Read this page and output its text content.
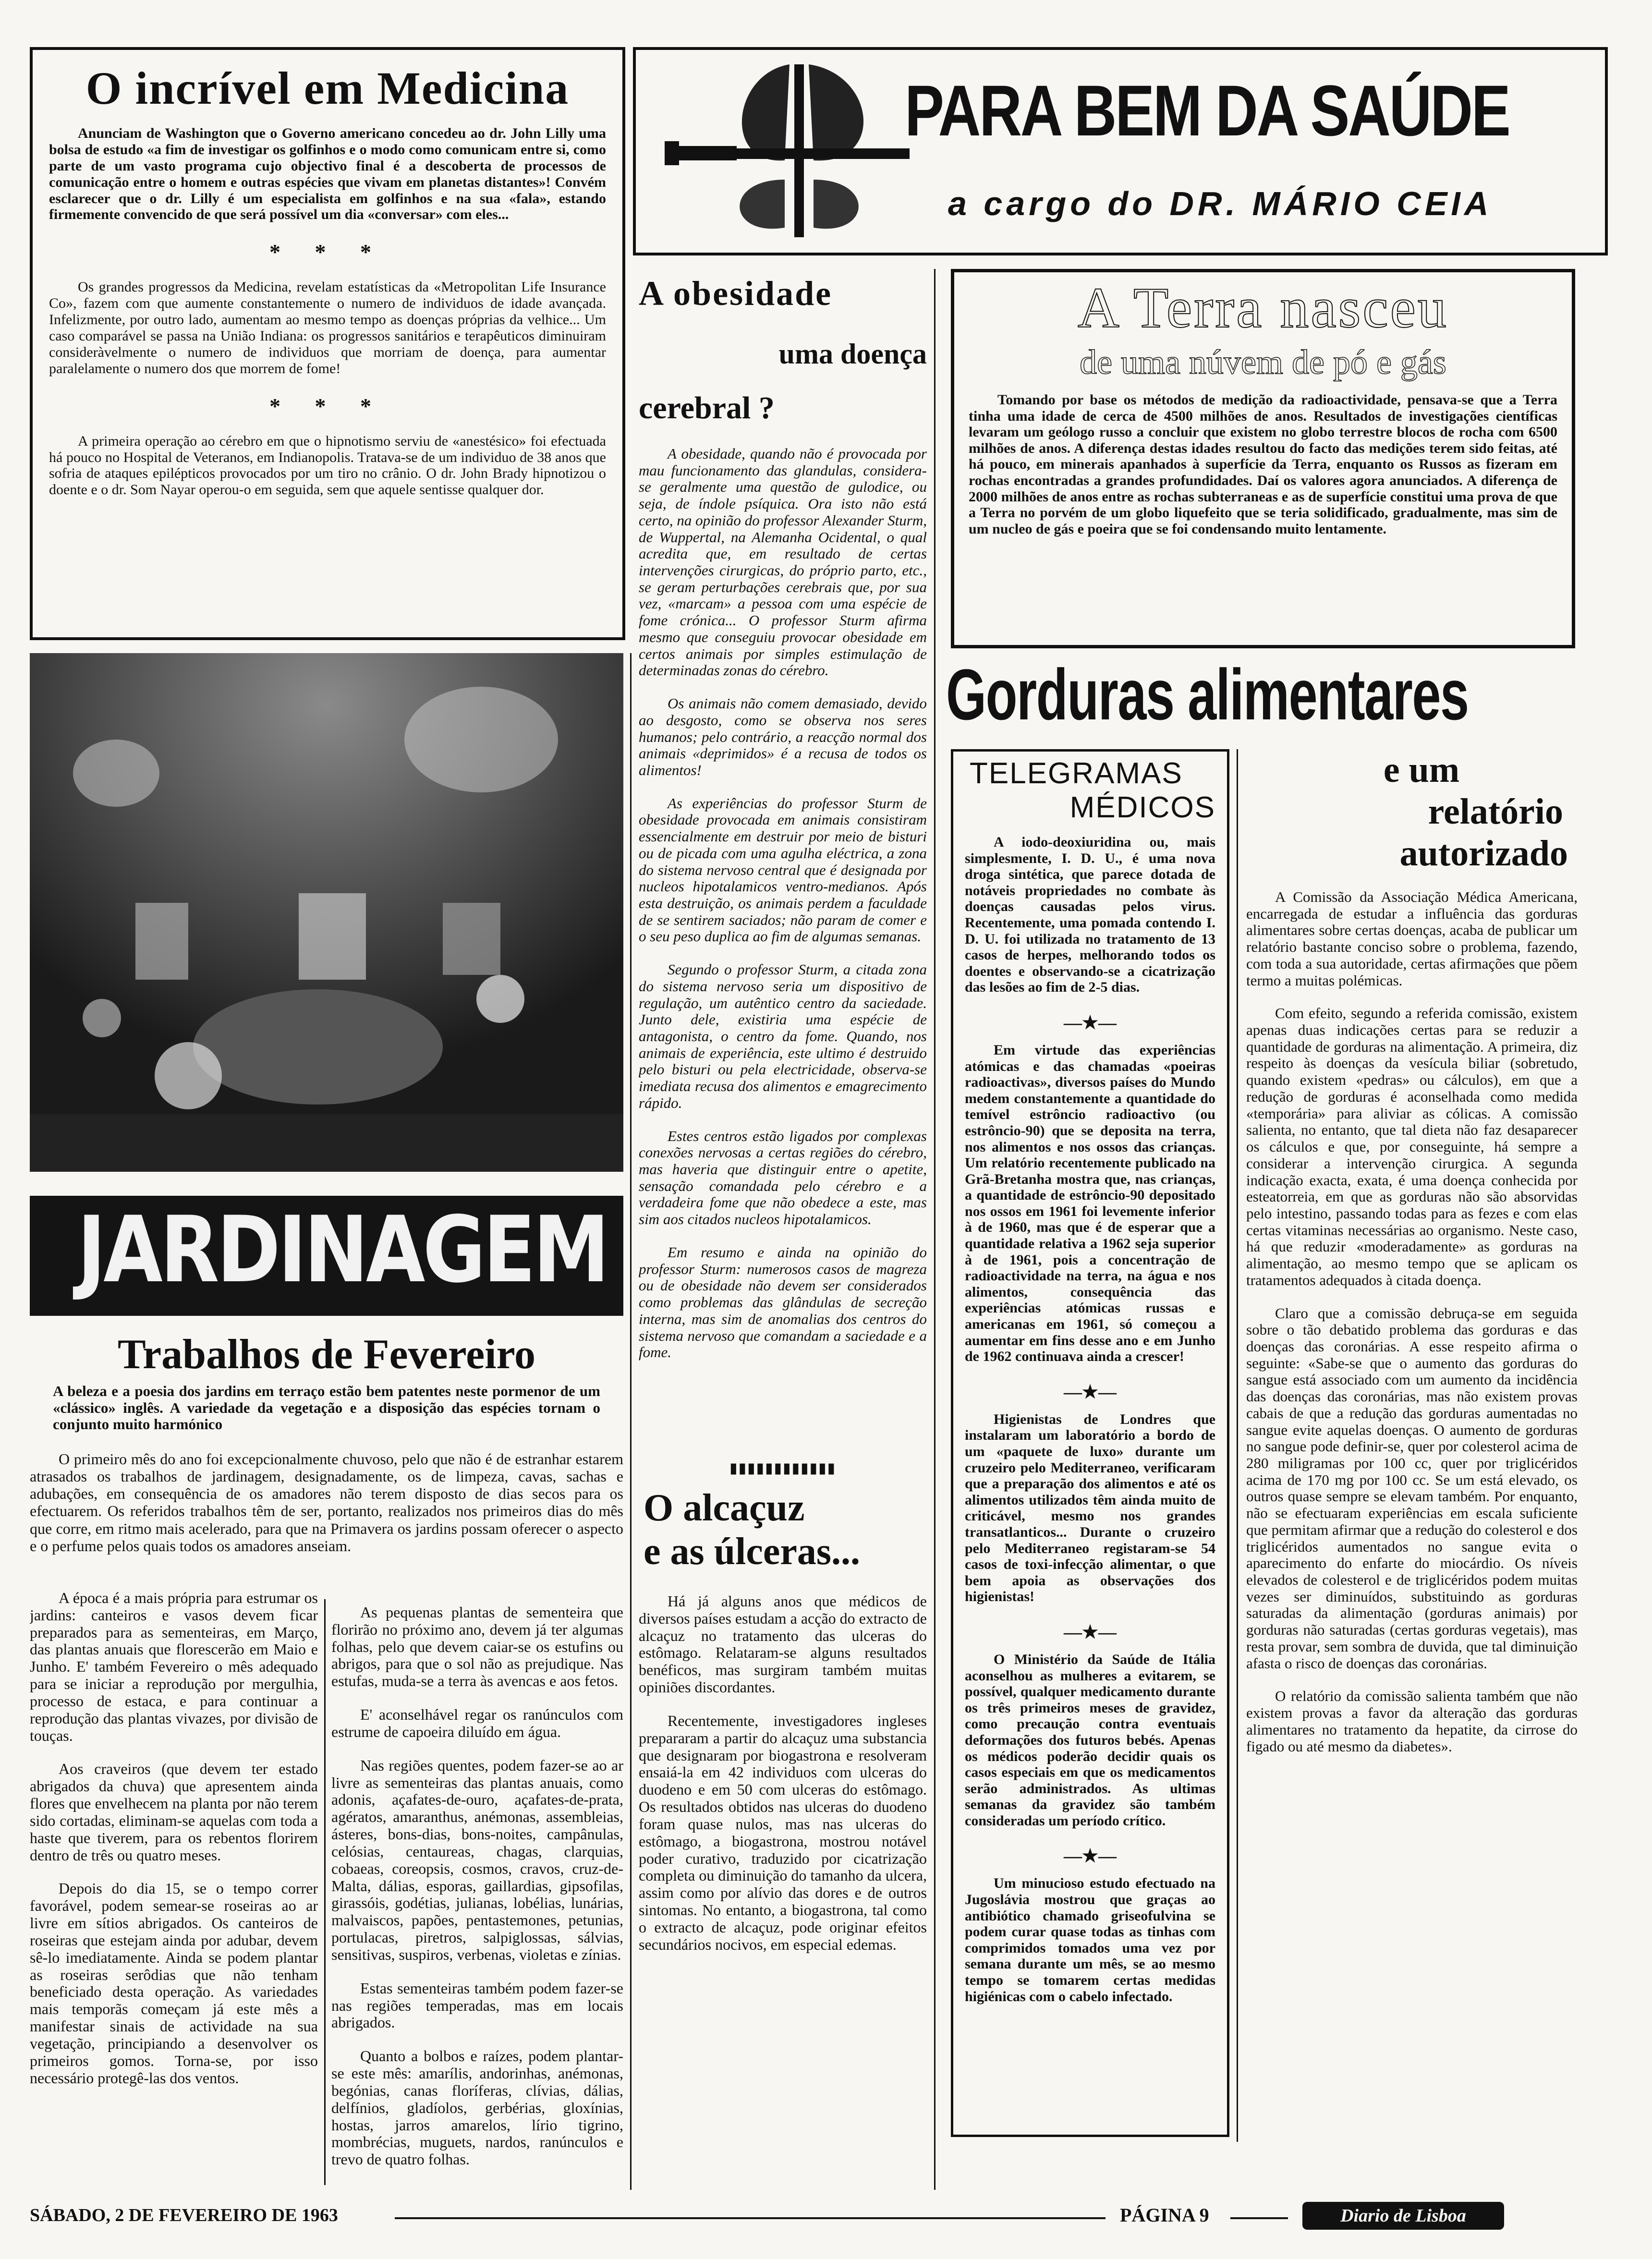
O incrível em Medicina

Anunciam de Washington que o Governo americano concedeu ao dr. John Lilly uma bolsa de estudo «a fim de investigar os golfinhos e o modo como comunicam entre si, como parte de um vasto programa cujo objectivo final é a descoberta de processos de comunicação entre o homem e outras espécies que vivam em planetas distantes»! Convém esclarecer que o dr. Lilly é um especialista em golfinhos e na sua «fala», estando firmemente convencido de que será possível um dia «conversar» com eles...

* * *

Os grandes progressos da Medicina, revelam estatísticas da «Metropolitan Life Insurance Co», fazem com que aumente constantemente o numero de individuos de idade avançada. Infelizmente, por outro lado, aumentam ao mesmo tempo as doenças próprias da velhice... Um caso comparável se passa na União Indiana: os progressos sanitários e terapêuticos diminuiram consideràvelmente o numero de individuos que morriam de doença, para aumentar paralelamente o numero dos que morrem de fome!

* * *

A primeira operação ao cérebro em que o hipnotismo serviu de «anestésico» foi efectuada há pouco no Hospital de Veteranos, em Indianopolis. Tratava-se de um individuo de 38 anos que sofria de ataques epilépticos provocados por um tiro no crânio. O dr. John Brady hipnotizou o doente e o dr. Som Nayar operou-o em seguida, sem que aquele sentisse qualquer dor.

PARA BEM DA SAÚDE
a cargo do DR. MÁRIO CEIA
JARDINAGEM
Trabalhos de Fevereiro
A beleza e a poesia dos jardins em terraço estão bem patentes neste pormenor de um «clássico» inglês. A variedade da vegetação e a disposição das espécies tornam o conjunto muito harmónico
O primeiro mês do ano foi excepcionalmente chuvoso, pelo que não é de estranhar estarem atrasados os trabalhos de jardinagem, designadamente, os de limpeza, cavas, sachas e adubações, em consequência de os amadores não terem disposto de dias secos para os efectuarem. Os referidos trabalhos têm de ser, portanto, realizados nos primeiros dias do mês que corre, em ritmo mais acelerado, para que na Primavera os jardins possam oferecer o aspecto e o perfume pelos quais todos os amadores anseiam.

A época é a mais própria para estrumar os jardins: canteiros e vasos devem ficar preparados para as sementeiras, em Março, das plantas anuais que florescerão em Maio e Junho. E' também Fevereiro o mês adequado para se iniciar a reprodução por mergulhia, processo de estaca, e para continuar a reprodução das plantas vivazes, por divisão de touças.

Aos craveiros (que devem ter estado abrigados da chuva) que apresentem ainda flores que envelhecem na planta por não terem sido cortadas, eliminam-se aquelas com toda a haste que tiverem, para os rebentos florirem dentro de três ou quatro meses.

Depois do dia 15, se o tempo correr favorável, podem semear-se roseiras ao ar livre em sítios abrigados. Os canteiros de roseiras que estejam ainda por adubar, devem sê-lo imediatamente. Ainda se podem plantar as roseiras serôdias que não tenham beneficiado desta operação. As variedades mais temporãs começam já este mês a manifestar sinais de actividade na sua vegetação, principiando a desenvolver os primeiros gomos. Torna-se, por isso necessário protegê-las dos ventos.

As pequenas plantas de sementeira que florirão no próximo ano, devem já ter algumas folhas, pelo que devem caiar-se os estufins ou abrigos, para que o sol não as prejudique. Nas estufas, muda-se a terra às avencas e aos fetos.

E' aconselhável regar os ranúnculos com estrume de capoeira diluído em água.

Nas regiões quentes, podem fazer-se ao ar livre as sementeiras das plantas anuais, como adonis, açafates-de-ouro, açafates-de-prata, agératos, amaranthus, anémonas, assembleias, ásteres, bons-dias, bons-noites, campânulas, celósias, centaureas, chagas, clarquias, cobaeas, coreopsis, cosmos, cravos, cruz-de-Malta, dálias, esporas, gaillardias, gipsofilas, girassóis, godétias, julianas, lobélias, lunárias, malvaiscos, papões, pentastemones, petunias, portulacas, piretros, salpiglossas, sálvias, sensitivas, suspiros, verbenas, violetas e zínias.

Estas sementeiras também podem fazer-se nas regiões temperadas, mas em locais abrigados.

Quanto a bolbos e raízes, podem plantar-se este mês: amarílis, andorinhas, anémonas, begónias, canas floríferas, clívias, dálias, delfínios, gladíolos, gerbérias, gloxínias, hostas, jarros amarelos, lírio tigrino, mombrécias, muguets, nardos, ranúnculos e trevo de quatro folhas.

A obesidade
uma doença
cerebral ?

A obesidade, quando não é provocada por mau funcionamento das glandulas, considera-se geralmente uma questão de gulodice, ou seja, de índole psíquica. Ora isto não está certo, na opinião do professor Alexander Sturm, de Wuppertal, na Alemanha Ocidental, o qual acredita que, em resultado de certas intervenções cirurgicas, do próprio parto, etc., se geram perturbações cerebrais que, por sua vez, «marcam» a pessoa com uma espécie de fome crónica... O professor Sturm afirma mesmo que conseguiu provocar obesidade em certos animais por simples estimulação de determinadas zonas do cérebro.

Os animais não comem demasiado, devido ao desgosto, como se observa nos seres humanos; pelo contrário, a reacção normal dos animais «deprimidos» é a recusa de todos os alimentos!

As experiências do professor Sturm de obesidade provocada em animais consistiram essencialmente em destruir por meio de bisturi ou de picada com uma agulha eléctrica, a zona do sistema nervoso central que é designada por nucleos hipotalamicos ventro-medianos. Após esta destruição, os animais perdem a faculdade de se sentirem saciados; não param de comer e o seu peso duplica ao fim de algumas semanas.

Segundo o professor Sturm, a citada zona do sistema nervoso seria um dispositivo de regulação, um autêntico centro da saciedade. Junto dele, existiria uma espécie de antagonista, o centro da fome. Quando, nos animais de experiência, este ultimo é destruido pelo bisturi ou pela electricidade, observa-se imediata recusa dos alimentos e emagrecimento rápido.

Estes centros estão ligados por complexas conexões nervosas a certas regiões do cérebro, mas haveria que distinguir entre o apetite, sensação comandada pelo cérebro e a verdadeira fome que não obedece a este, mas sim aos citados nucleos hipotalamicos.

Em resumo e ainda na opinião do professor Sturm: numerosos casos de magreza ou de obesidade não devem ser considerados como problemas das glândulas de secreção interna, mas sim de anomalias dos centros do sistema nervoso que comandam a saciedade e a fome.

▮▮▮▮▮▮▮▮▮▮▮▮
O alcaçuz
e as úlceras...

Há já alguns anos que médicos de diversos países estudam a acção do extracto de alcaçuz no tratamento das ulceras do estômago. Relataram-se alguns resultados benéficos, mas surgiram também muitas opiniões discordantes.

Recentemente, investigadores ingleses prepararam a partir do alcaçuz uma substancia que designaram por biogastrona e resolveram ensaiá-la em 42 individuos com ulceras do duodeno e em 50 com ulceras do estômago. Os resultados obtidos nas ulceras do duodeno foram quase nulos, mas nas ulceras do estômago, a biogastrona, mostrou notável poder curativo, traduzido por cicatrização completa ou diminuição do tamanho da ulcera, assim como por alívio das dores e de outros sintomas. No entanto, a biogastrona, tal como o extracto de alcaçuz, pode originar efeitos secundários nocivos, em especial edemas.

A Terra nasceu
de uma núvem de pó e gás

Tomando por base os métodos de medição da radioactividade, pensava-se que a Terra tinha uma idade de cerca de 4500 milhões de anos. Resultados de investigações científicas levaram um geólogo russo a concluir que existem no globo terrestre blocos de rocha com 6500 milhões de anos. A diferença destas idades resultou do facto das medições terem sido feitas, até há pouco, em minerais apanhados à superfície da Terra, enquanto os Russos as fizeram em rochas encontradas a grandes profundidades. Daí os valores agora anunciados. A diferença de 2000 milhões de anos entre as rochas subterraneas e as de superfície constitui uma prova de que a Terra no porvém de um globo liquefeito que se teria solidificado, gradualmente, mas sim de um nucleo de gás e poeira que se foi condensando muito lentamente.

Gorduras alimentares
TELEGRAMAS
MÉDICOS

A iodo-deoxiuridina ou, mais simplesmente, I. D. U., é uma nova droga sintética, que parece dotada de notáveis propriedades no combate às doenças causadas pelos virus. Recentemente, uma pomada contendo I. D. U. foi utilizada no tratamento de 13 casos de herpes, melhorando todos os doentes e observando-se a cicatrização das lesões ao fim de 2-5 dias.

—★—

Em virtude das experiências atómicas e das chamadas «poeiras radioactivas», diversos países do Mundo medem constantemente a quantidade do temível estrôncio radioactivo (ou estrôncio-90) que se deposita na terra, nos alimentos e nos ossos das crianças. Um relatório recentemente publicado na Grã-Bretanha mostra que, nas crianças, a quantidade de estrôncio-90 depositado nos ossos em 1961 foi levemente inferior à de 1960, mas que é de esperar que a quantidade relativa a 1962 seja superior à de 1961, pois a concentração de radioactividade na terra, na água e nos alimentos, consequência das experiências atómicas russas e americanas em 1961, só começou a aumentar em fins desse ano e em Junho de 1962 continuava ainda a crescer!

—★—

Higienistas de Londres que instalaram um laboratório a bordo de um «paquete de luxo» durante um cruzeiro pelo Mediterraneo, verificaram que a preparação dos alimentos e até os alimentos utilizados têm ainda muito de criticável, mesmo nos grandes transatlanticos... Durante o cruzeiro pelo Mediterraneo registaram-se 54 casos de toxi-infecção alimentar, o que bem apoia as observações dos higienistas!

—★—

O Ministério da Saúde de Itália aconselhou as mulheres a evitarem, se possível, qualquer medicamento durante os três primeiros meses de gravidez, como precaução contra eventuais deformações dos futuros bebés. Apenas os médicos poderão decidir quais os casos especiais em que os medicamentos serão administrados. As ultimas semanas da gravidez são também consideradas um período crítico.

—★—

Um minucioso estudo efectuado na Jugoslávia mostrou que graças ao antibiótico chamado griseofulvina se podem curar quase todas as tinhas com comprimidos tomados uma vez por semana durante um mês, se ao mesmo tempo se tomarem certas medidas higiénicas com o cabelo infectado.

e um
relatório
autorizado

A Comissão da Associação Médica Americana, encarregada de estudar a influência das gorduras alimentares sobre certas doenças, acaba de publicar um relatório bastante conciso sobre o problema, fazendo, com toda a sua autoridade, certas afirmações que põem termo a muitas polémicas.

Com efeito, segundo a referida comissão, existem apenas duas indicações certas para se reduzir a quantidade de gorduras na alimentação. A primeira, diz respeito às doenças da vesícula biliar (sobretudo, quando existem «pedras» ou cálculos), em que a redução de gorduras é aconselhada como medida «temporária» para aliviar as cólicas. A comissão salienta, no entanto, que tal dieta não faz desaparecer os cálculos e que, por conseguinte, há sempre a considerar a intervenção cirurgica. A segunda indicação exacta, exata, é uma doença conhecida por esteatorreia, em que as gorduras não são absorvidas pelo intestino, passando todas para as fezes e com elas certas vitaminas necessárias ao organismo. Neste caso, há que reduzir «moderadamente» as gorduras na alimentação, ao mesmo tempo que se aplicam os tratamentos adequados à citada doença.

Claro que a comissão debruça-se em seguida sobre o tão debatido problema das gorduras e das doenças das coronárias. A esse respeito afirma o seguinte: «Sabe-se que o aumento das gorduras do sangue está associado com um aumento da incidência das doenças das coronárias, mas não existem provas cabais de que a redução das gorduras aumentadas no sangue evite aquelas doenças. O aumento de gorduras no sangue pode definir-se, quer por colesterol acima de 280 miligramas por 100 cc, quer por triglicéridos acima de 170 mg por 100 cc. Se um está elevado, os outros quase sempre se elevam também. Por enquanto, não se efectuaram experiências em escala suficiente que permitam afirmar que a redução do colesterol e dos triglicéridos aumentados no sangue evita o aparecimento do enfarte do miocárdio. Os níveis elevados de colesterol e de triglicéridos podem muitas vezes ser diminuídos, substituindo as gorduras saturadas da alimentação (gorduras animais) por gorduras não saturadas (certas gorduras vegetais), mas resta provar, sem sombra de duvida, que tal diminuição afasta o risco de doenças das coronárias.

O relatório da comissão salienta também que não existem provas a favor da alteração das gorduras alimentares no tratamento da hepatite, da cirrose do figado ou até mesmo da diabetes».

SÁBADO, 2 DE FEVEREIRO DE 1963	PÁGINA 9	Diario de Lisboa
